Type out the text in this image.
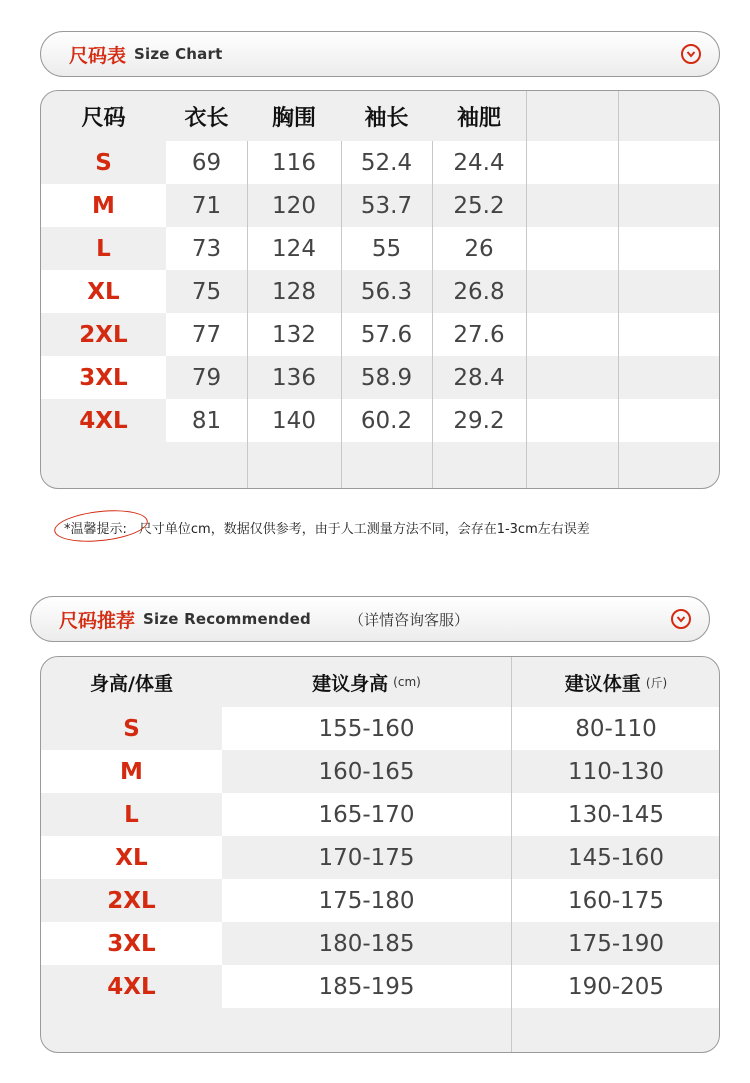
尺码表 Size Chart
尺码	衣长	胸围	袖长	袖肥
S	69	116	52.4	24.4
M	71	120	53.7	25.2
L	73	124	55	26
XL	75	128	56.3	26.8
2XL	77	132	57.6	27.6
3XL	79	136	58.9	28.4
4XL	81	140	60.2	29.2
*温馨提示: 尺寸单位cm，数据仅供参考，由于人工测量方法不同，会存在1-3cm左右误差
尺码推荐 Size Recommended	（详情咨询客服）
身高/体重	建议身高 (cm)	建议体重 (斤)
S	155-160	80-110
M	160-165	110-130
L	165-170	130-145
XL	170-175	145-160
2XL	175-180	160-175
3XL	180-185	175-190
4XL	185-195	190-205
